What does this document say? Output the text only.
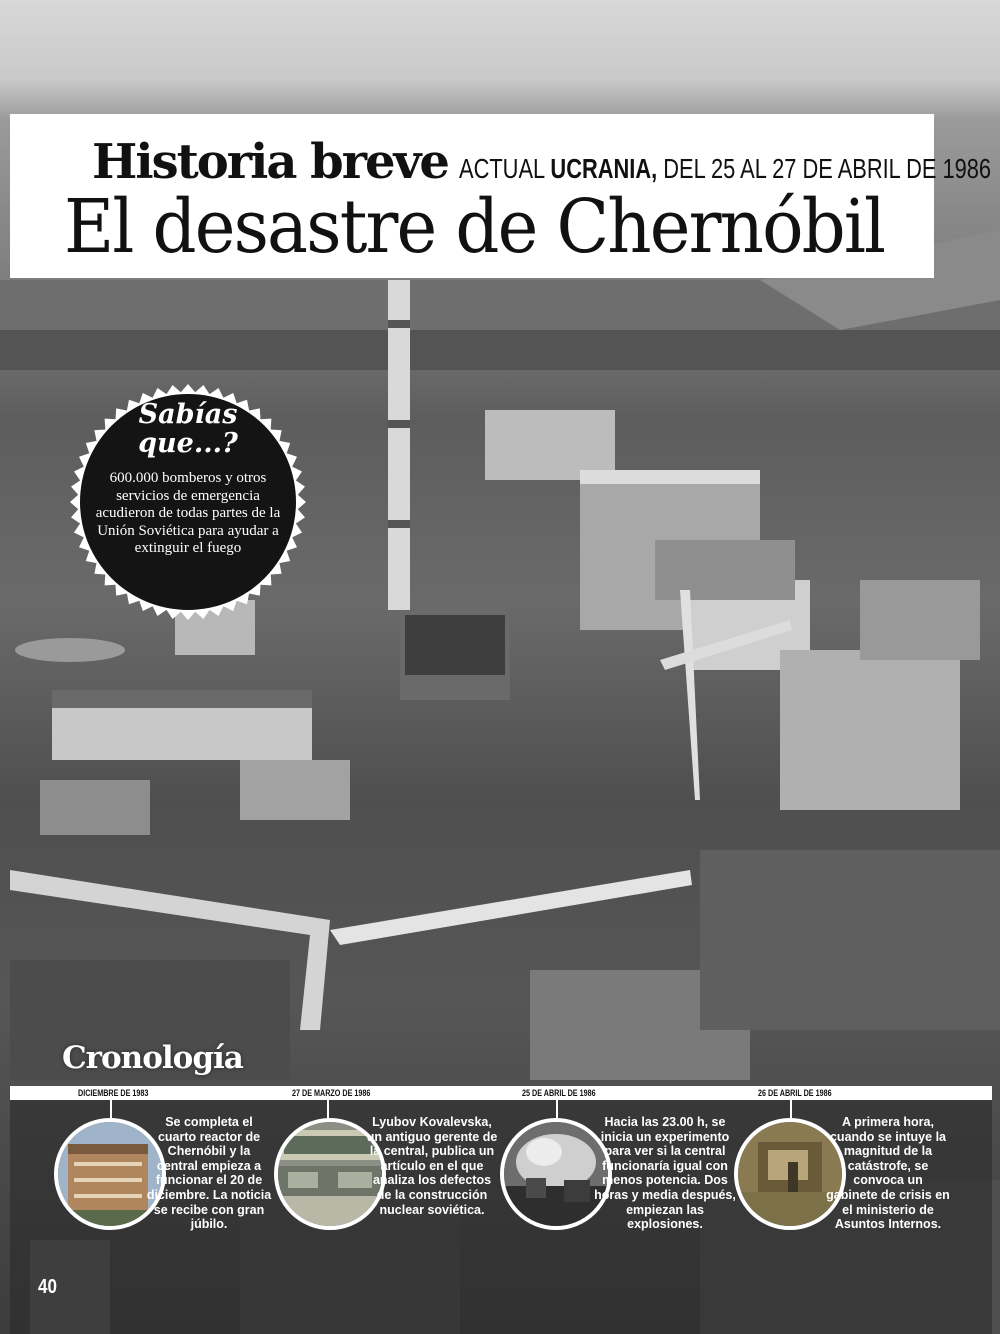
Historia breve ACTUAL UCRANIA, DEL 25 AL 27 DE ABRIL DE 1986
El desastre de Chernóbil
Sabías
que...?
600.000 bomberos y otros servicios de emergencia acudieron de todas partes de la Unión Soviética para ayudar a extinguir el fuego
Cronología
DICIEMBRE DE 1983	27 DE MARZO DE 1986	25 DE ABRIL DE 1986	26 DE ABRIL DE 1986
Se completa el cuarto reactor de Chernóbil y la central empieza a funcionar el 20 de diciembre. La noticia se recibe con gran júbilo.
Lyubov Kovalevska, un antiguo gerente de la central, publica un artículo en el que analiza los defectos de la construcción nuclear soviética.
Hacia las 23.00 h, se inicia un experimento para ver si la central funcionaría igual con menos potencia. Dos horas y media después, empiezan las explosiones.
A primera hora, cuando se intuye la magnitud de la catástrofe, se convoca un gabinete de crisis en el ministerio de Asuntos Internos.
40
